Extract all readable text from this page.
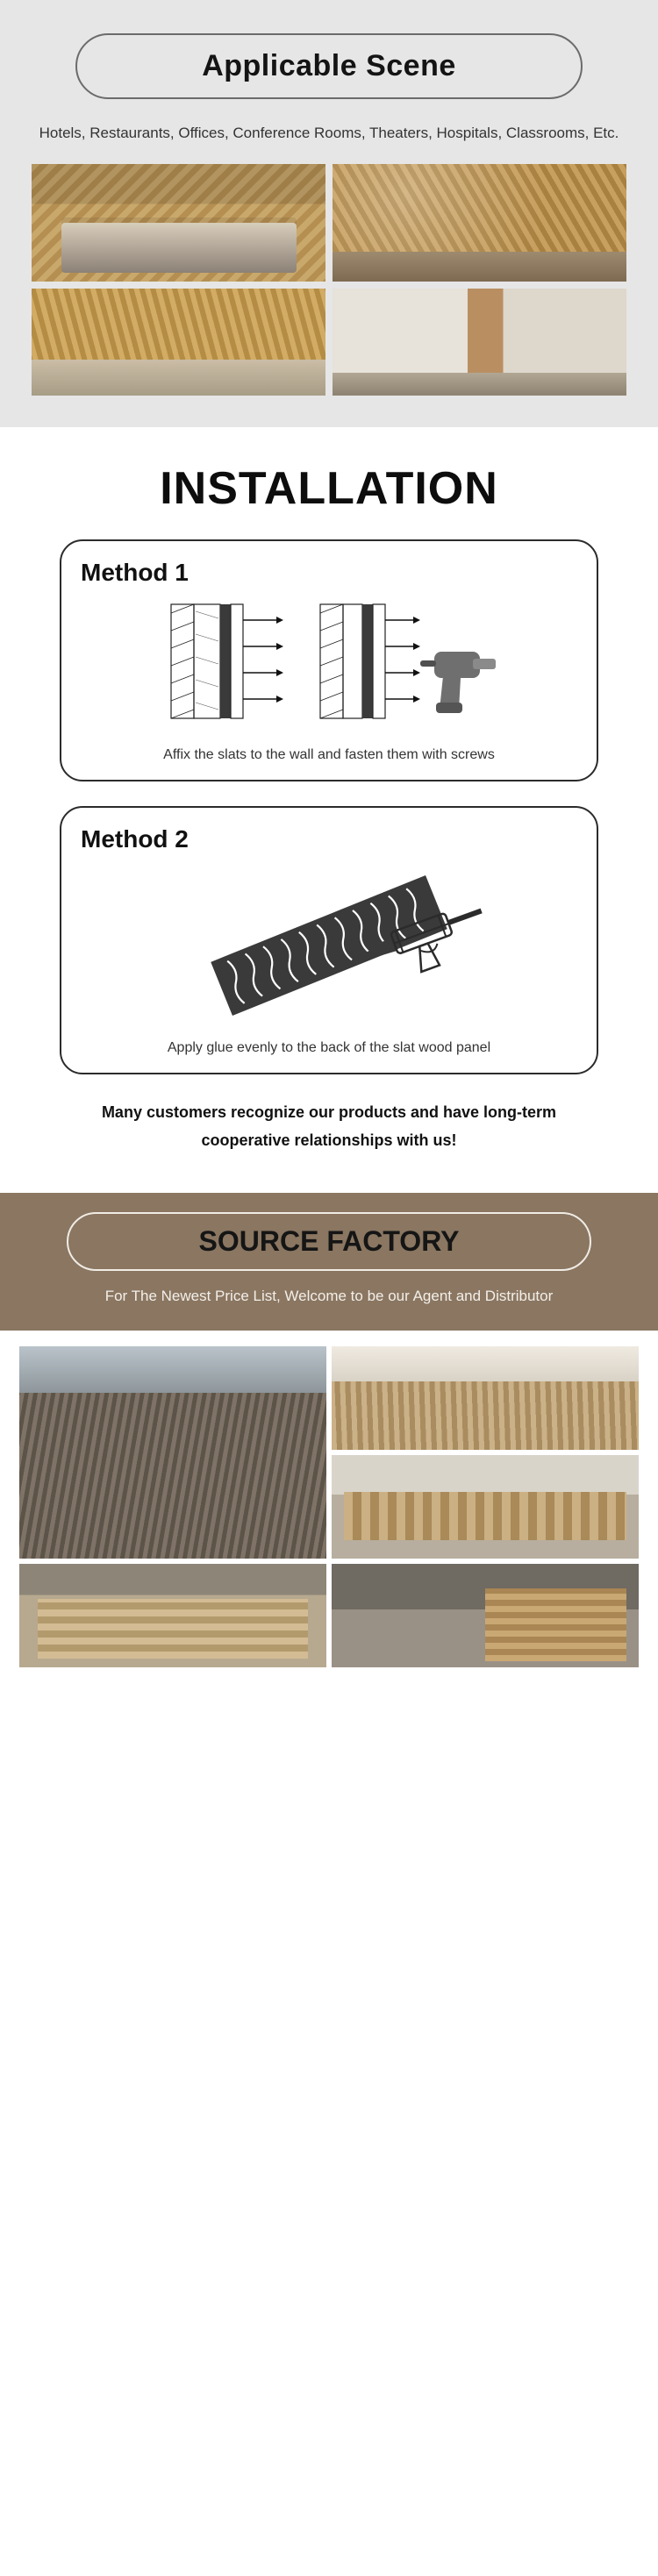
Applicable Scene
Hotels, Restaurants, Offices, Conference Rooms, Theaters, Hospitals, Classrooms, Etc.
INSTALLATION
Method 1
Affix the slats to the wall and fasten them with screws
Method 2
Apply glue evenly to the back of the slat wood panel
Many customers recognize our products and have long-term cooperative relationships with us!
SOURCE FACTORY
For The Newest Price List, Welcome to be our Agent and Distributor
